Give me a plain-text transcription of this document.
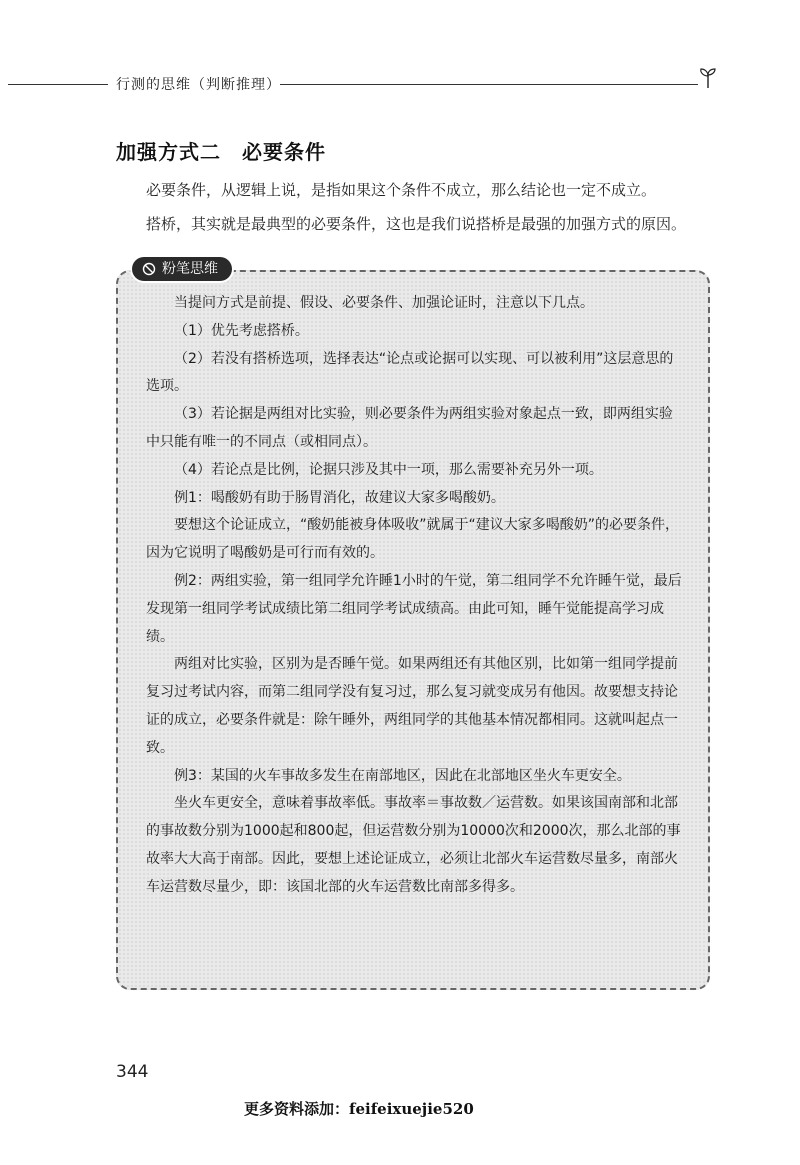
行测的思维（判断推理）
加强方式二　必要条件
必要条件，从逻辑上说，是指如果这个条件不成立，那么结论也一定不成立。
搭桥，其实就是最典型的必要条件，这也是我们说搭桥是最强的加强方式的原因。
粉笔思维

当提问方式是前提、假设、必要条件、加强论证时，注意以下几点。

（1）优先考虑搭桥。

（2）若没有搭桥选项，选择表达“论点或论据可以实现、可以被利用”这层意思的选项。

（3）若论据是两组对比实验，则必要条件为两组实验对象起点一致，即两组实验中只能有唯一的不同点（或相同点）。

（4）若论点是比例，论据只涉及其中一项，那么需要补充另外一项。

例1：喝酸奶有助于肠胃消化，故建议大家多喝酸奶。

要想这个论证成立，“酸奶能被身体吸收”就属于“建议大家多喝酸奶”的必要条件，因为它说明了喝酸奶是可行而有效的。

例2：两组实验，第一组同学允许睡1小时的午觉，第二组同学不允许睡午觉，最后发现第一组同学考试成绩比第二组同学考试成绩高。由此可知，睡午觉能提高学习成绩。

两组对比实验，区别为是否睡午觉。如果两组还有其他区别，比如第一组同学提前复习过考试内容，而第二组同学没有复习过，那么复习就变成另有他因。故要想支持论证的成立，必要条件就是：除午睡外，两组同学的其他基本情况都相同。这就叫起点一致。

例3：某国的火车事故多发生在南部地区，因此在北部地区坐火车更安全。

坐火车更安全，意味着事故率低。事故率＝事故数／运营数。如果该国南部和北部的事故数分别为1000起和800起，但运营数分别为10000次和2000次，那么北部的事故率大大高于南部。因此，要想上述论证成立，必须让北部火车运营数尽量多，南部火车运营数尽量少，即：该国北部的火车运营数比南部多得多。

344
更多资料添加：feifeixuejie520
